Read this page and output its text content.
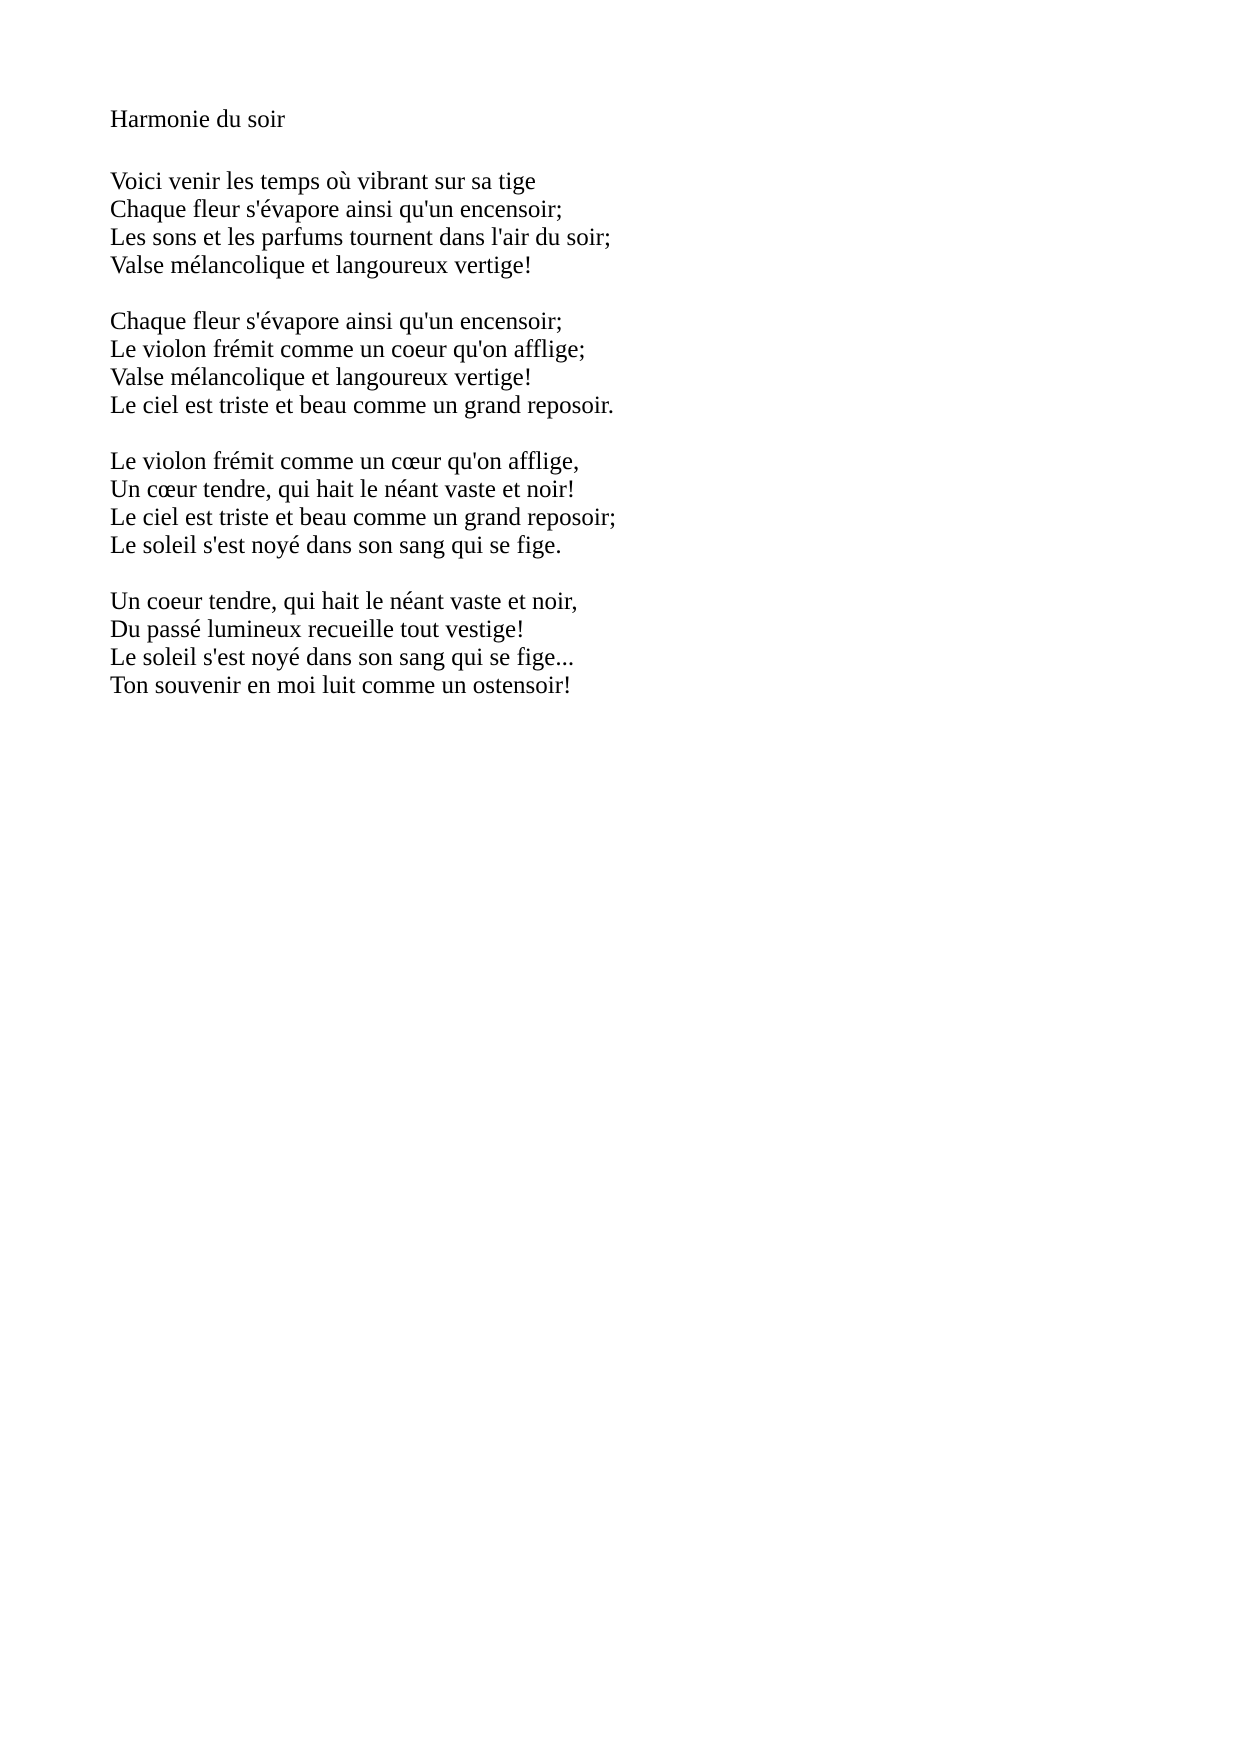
Harmonie du soir

Voici venir les temps où vibrant sur sa tige
Chaque fleur s'évapore ainsi qu'un encensoir;
Les sons et les parfums tournent dans l'air du soir;
Valse mélancolique et langoureux vertige!
Chaque fleur s'évapore ainsi qu'un encensoir;
Le violon frémit comme un coeur qu'on afflige;
Valse mélancolique et langoureux vertige!
Le ciel est triste et beau comme un grand reposoir.
Le violon frémit comme un cœur qu'on afflige,
Un cœur tendre, qui hait le néant vaste et noir!
Le ciel est triste et beau comme un grand reposoir;
Le soleil s'est noyé dans son sang qui se fige.
Un coeur tendre, qui hait le néant vaste et noir,
Du passé lumineux recueille tout vestige!
Le soleil s'est noyé dans son sang qui se fige...
Ton souvenir en moi luit comme un ostensoir!
